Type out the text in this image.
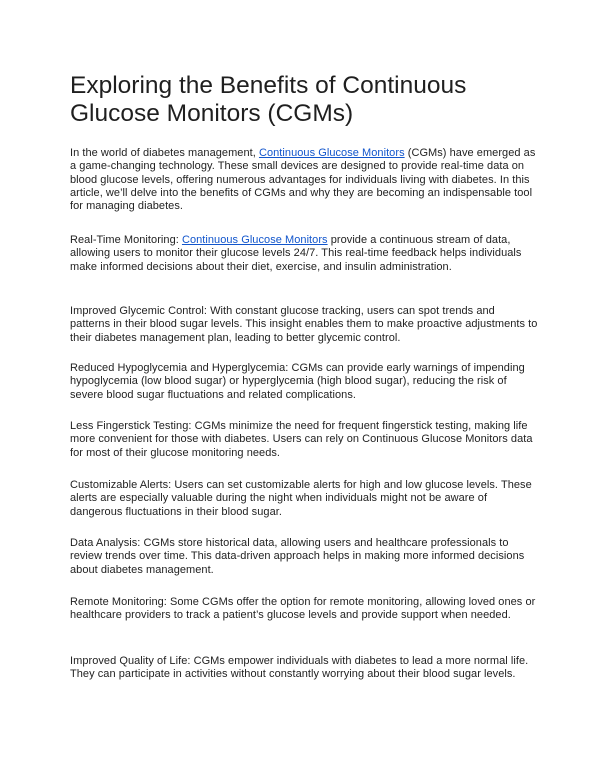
Exploring the Benefits of Continuous Glucose Monitors (CGMs)

In the world of diabetes management, Continuous Glucose Monitors (CGMs) have emerged as a game-changing technology. These small devices are designed to provide real-time data on blood glucose levels, offering numerous advantages for individuals living with diabetes. In this article, we’ll delve into the benefits of CGMs and why they are becoming an indispensable tool for managing diabetes.

Real-Time Monitoring: Continuous Glucose Monitors provide a continuous stream of data, allowing users to monitor their glucose levels 24/7. This real-time feedback helps individuals make informed decisions about their diet, exercise, and insulin administration.

Improved Glycemic Control: With constant glucose tracking, users can spot trends and patterns in their blood sugar levels. This insight enables them to make proactive adjustments to their diabetes management plan, leading to better glycemic control.

Reduced Hypoglycemia and Hyperglycemia: CGMs can provide early warnings of impending hypoglycemia (low blood sugar) or hyperglycemia (high blood sugar), reducing the risk of severe blood sugar fluctuations and related complications.

Less Fingerstick Testing: CGMs minimize the need for frequent fingerstick testing, making life more convenient for those with diabetes. Users can rely on Continuous Glucose Monitors data for most of their glucose monitoring needs.

Customizable Alerts: Users can set customizable alerts for high and low glucose levels. These alerts are especially valuable during the night when individuals might not be aware of dangerous fluctuations in their blood sugar.

Data Analysis: CGMs store historical data, allowing users and healthcare professionals to review trends over time. This data-driven approach helps in making more informed decisions about diabetes management.

Remote Monitoring: Some CGMs offer the option for remote monitoring, allowing loved ones or healthcare providers to track a patient’s glucose levels and provide support when needed.

Improved Quality of Life: CGMs empower individuals with diabetes to lead a more normal life. They can participate in activities without constantly worrying about their blood sugar levels.
